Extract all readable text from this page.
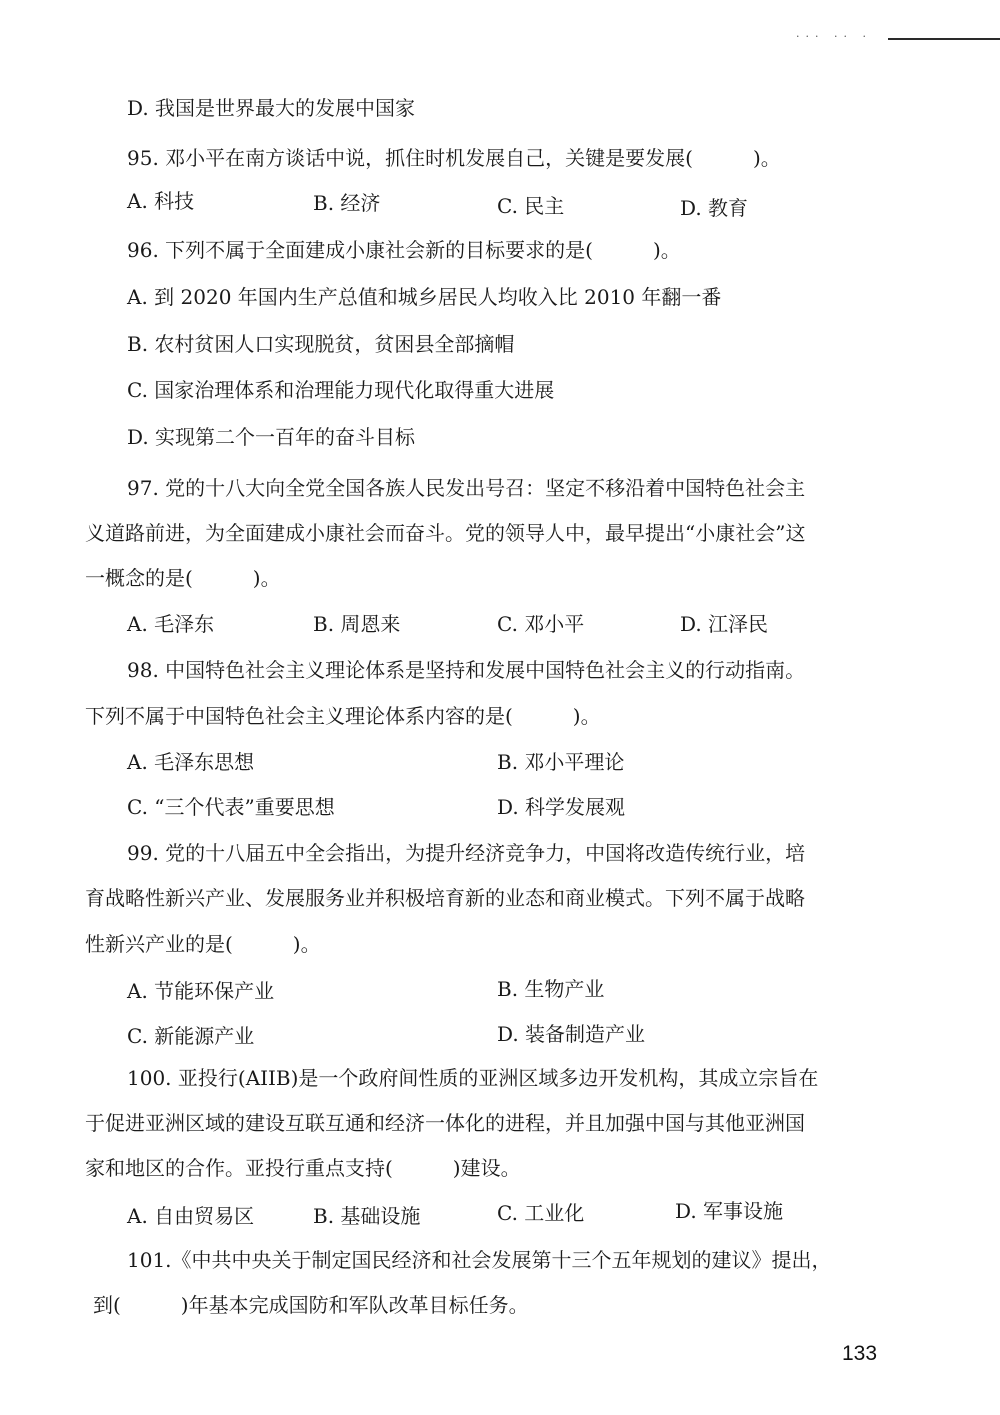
··· ·· ·
D. 我国是世界最大的发展中国家
95. 邓小平在南方谈话中说，抓住时机发展自己，关键是要发展(　　　)。
A. 科技	B. 经济	C. 民主	D. 教育
96. 下列不属于全面建成小康社会新的目标要求的是(　　　)。
A. 到 2020 年国内生产总值和城乡居民人均收入比 2010 年翻一番
B. 农村贫困人口实现脱贫，贫困县全部摘帽
C. 国家治理体系和治理能力现代化取得重大进展
D. 实现第二个一百年的奋斗目标
97. 党的十八大向全党全国各族人民发出号召：坚定不移沿着中国特色社会主
义道路前进，为全面建成小康社会而奋斗。党的领导人中，最早提出“小康社会”这
一概念的是(　　　)。
A. 毛泽东	B. 周恩来	C. 邓小平	D. 江泽民
98. 中国特色社会主义理论体系是坚持和发展中国特色社会主义的行动指南。
下列不属于中国特色社会主义理论体系内容的是(　　　)。
A. 毛泽东思想	B. 邓小平理论
C. “三个代表”重要思想	D. 科学发展观
99. 党的十八届五中全会指出，为提升经济竞争力，中国将改造传统行业，培
育战略性新兴产业、发展服务业并积极培育新的业态和商业模式。下列不属于战略
性新兴产业的是(　　　)。
A. 节能环保产业	B. 生物产业
C. 新能源产业	D. 装备制造产业
100. 亚投行(AIIB)是一个政府间性质的亚洲区域多边开发机构，其成立宗旨在
于促进亚洲区域的建设互联互通和经济一体化的进程，并且加强中国与其他亚洲国
家和地区的合作。亚投行重点支持(　　　)建设。
A. 自由贸易区	B. 基础设施	C. 工业化	D. 军事设施
101.《中共中央关于制定国民经济和社会发展第十三个五年规划的建议》提出，
到(　　　)年基本完成国防和军队改革目标任务。
133
